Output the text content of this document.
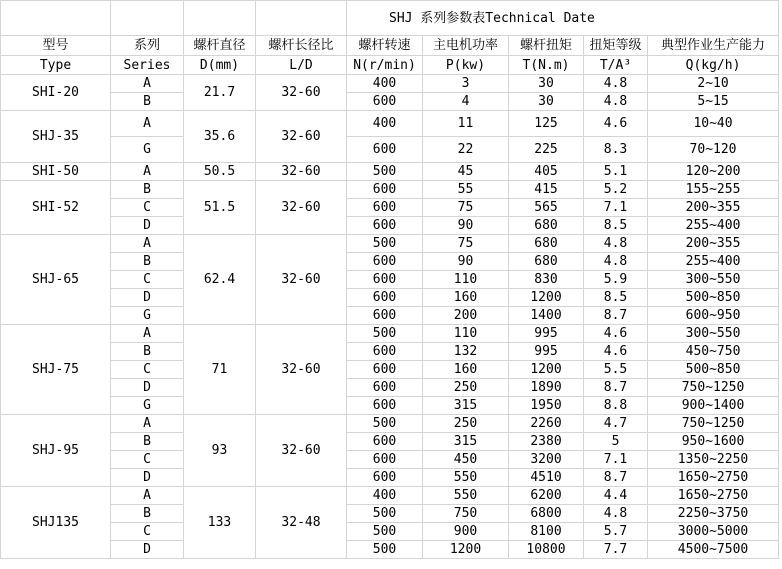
				SHJ 系列参数表Technical Date				
型号	系列	螺杆直径	螺杆长径比	螺杆转速	主电机功率	螺杆扭矩	扭矩等级	典型作业生产能力
Type	Series	D(mm)	L/D	N(r/min)	P(kw)	T(N.m)	T/A³	Q(kg/h)
SHI-20	A	21.7	32-60	400	3	30	4.8	2~10
	B			600	4	30	4.8	5~15
SHJ-35	A	35.6	32-60	400	11	125	4.6	10~40
	G			600	22	225	8.3	70~120
SHI-50	A	50.5	32-60	500	45	405	5.1	120~200
SHI-52	B	51.5	32-60	600	55	415	5.2	155~255
	C			600	75	565	7.1	200~355
	D			600	90	680	8.5	255~400
SHJ-65	A	62.4	32-60	500	75	680	4.8	200~355
	B			600	90	680	4.8	255~400
	C			600	110	830	5.9	300~550
	D			600	160	1200	8.5	500~850
	G			600	200	1400	8.7	600~950
SHJ-75	A	71	32-60	500	110	995	4.6	300~550
	B			600	132	995	4.6	450~750
	C			600	160	1200	5.5	500~850
	D			600	250	1890	8.7	750~1250
	G			600	315	1950	8.8	900~1400
SHJ-95	A	93	32-60	500	250	2260	4.7	750~1250
	B			600	315	2380	5	950~1600
	C			600	450	3200	7.1	1350~2250
	D			600	550	4510	8.7	1650~2750
SHJ135	A	133	32-48	400	550	6200	4.4	1650~2750
	B			500	750	6800	4.8	2250~3750
	C			500	900	8100	5.7	3000~5000
	D			500	1200	10800	7.7	4500~7500
